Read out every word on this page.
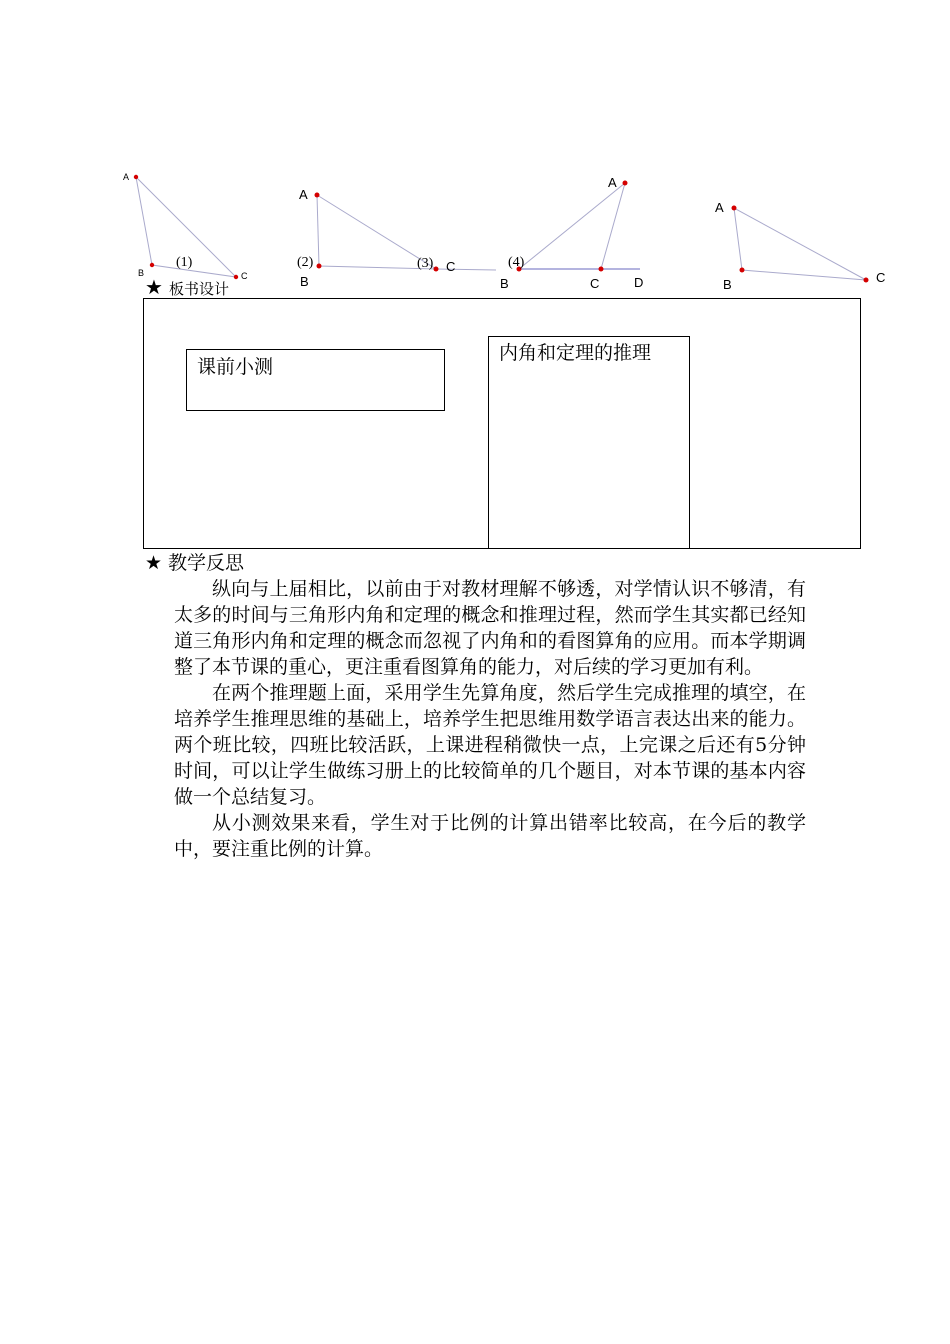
A
B	C
(1)
A
B
C
(2)	(3)
A
B	C	D
(4)
A
B	C
★ 板书设计
课前小测
内角和定理的推理
★ 教学反思

纵向与上届相比，以前由于对教材理解不够透，对学情认识不够清，有太多的时间与三角形内角和定理的概念和推理过程，然而学生其实都已经知道三角形内角和定理的概念而忽视了内角和的看图算角的应用。而本学期调整了本节课的重心，更注重看图算角的能力，对后续的学习更加有利。

在两个推理题上面，采用学生先算角度，然后学生完成推理的填空，在培养学生推理思维的基础上，培养学生把思维用数学语言表达出来的能力。两个班比较，四班比较活跃，上课进程稍微快一点，上完课之后还有5分钟时间，可以让学生做练习册上的比较简单的几个题目，对本节课的基本内容做一个总结复习。

从小测效果来看，学生对于比例的计算出错率比较高，在今后的教学中，要注重比例的计算。
